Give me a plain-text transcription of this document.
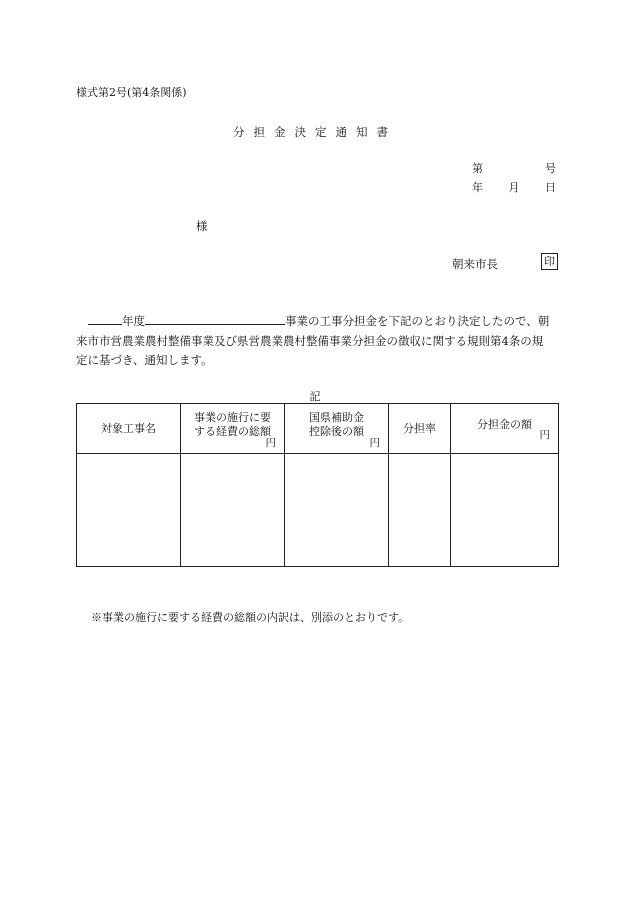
様式第2号(第4条関係)
分担金決定通知書
第	号
年 月 日
様
朝来市長	印
年度	事業の工事分担金を下記のとおり決定したので、朝
来市市営農業農村整備事業及び県営農業農村整備事業分担金の徴収に関する規則第4条の規
定に基づき、通知します。
記
対象工事名	事業の施行に要
する経費の総額
円	国県補助金
控除後の額
円	分担率	分担金の額
円

※事業の施行に要する経費の総額の内訳は、別添のとおりです。
